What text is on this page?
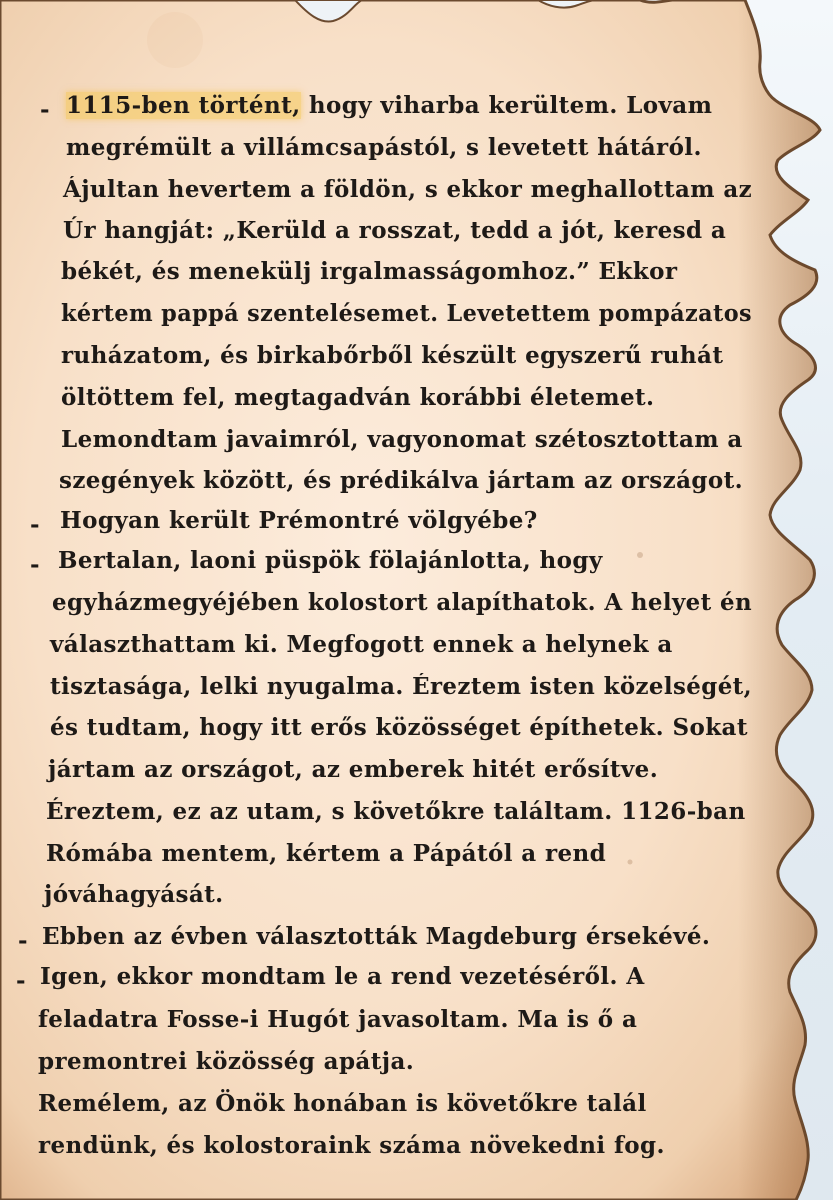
- 1115-ben történt, hogy viharba kerültem. Lovam
megrémült a villámcsapástól, s levetett hátáról.
Ájultan hevertem a földön, s ekkor meghallottam az
Úr hangját: „Kerüld a rosszat, tedd a jót, keresd a
békét, és menekülj irgalmasságomhoz.” Ekkor
kértem pappá szentelésemet. Levetettem pompázatos
ruházatom, és birkabőrből készült egyszerű ruhát
öltöttem fel, megtagadván korábbi életemet.
Lemondtam javaimról, vagyonomat szétosztottam a
szegények között, és prédikálva jártam az országot.
- Hogyan került Prémontré völgyébe?
- Bertalan, laoni püspök fölajánlotta, hogy
egyházmegyéjében kolostort alapíthatok. A helyet én
választhattam ki. Megfogott ennek a helynek a
tisztasága, lelki nyugalma. Éreztem isten közelségét,
és tudtam, hogy itt erős közösséget építhetek. Sokat
jártam az országot, az emberek hitét erősítve.
Éreztem, ez az utam, s követőkre találtam. 1126-ban
Rómába mentem, kértem a Pápától a rend
jóváhagyását.
- Ebben az évben választották Magdeburg érsekévé.
- Igen, ekkor mondtam le a rend vezetéséről. A
feladatra Fosse-i Hugót javasoltam. Ma is ő a
premontrei közösség apátja.
Remélem, az Önök honában is követőkre talál
rendünk, és kolostoraink száma növekedni fog.
